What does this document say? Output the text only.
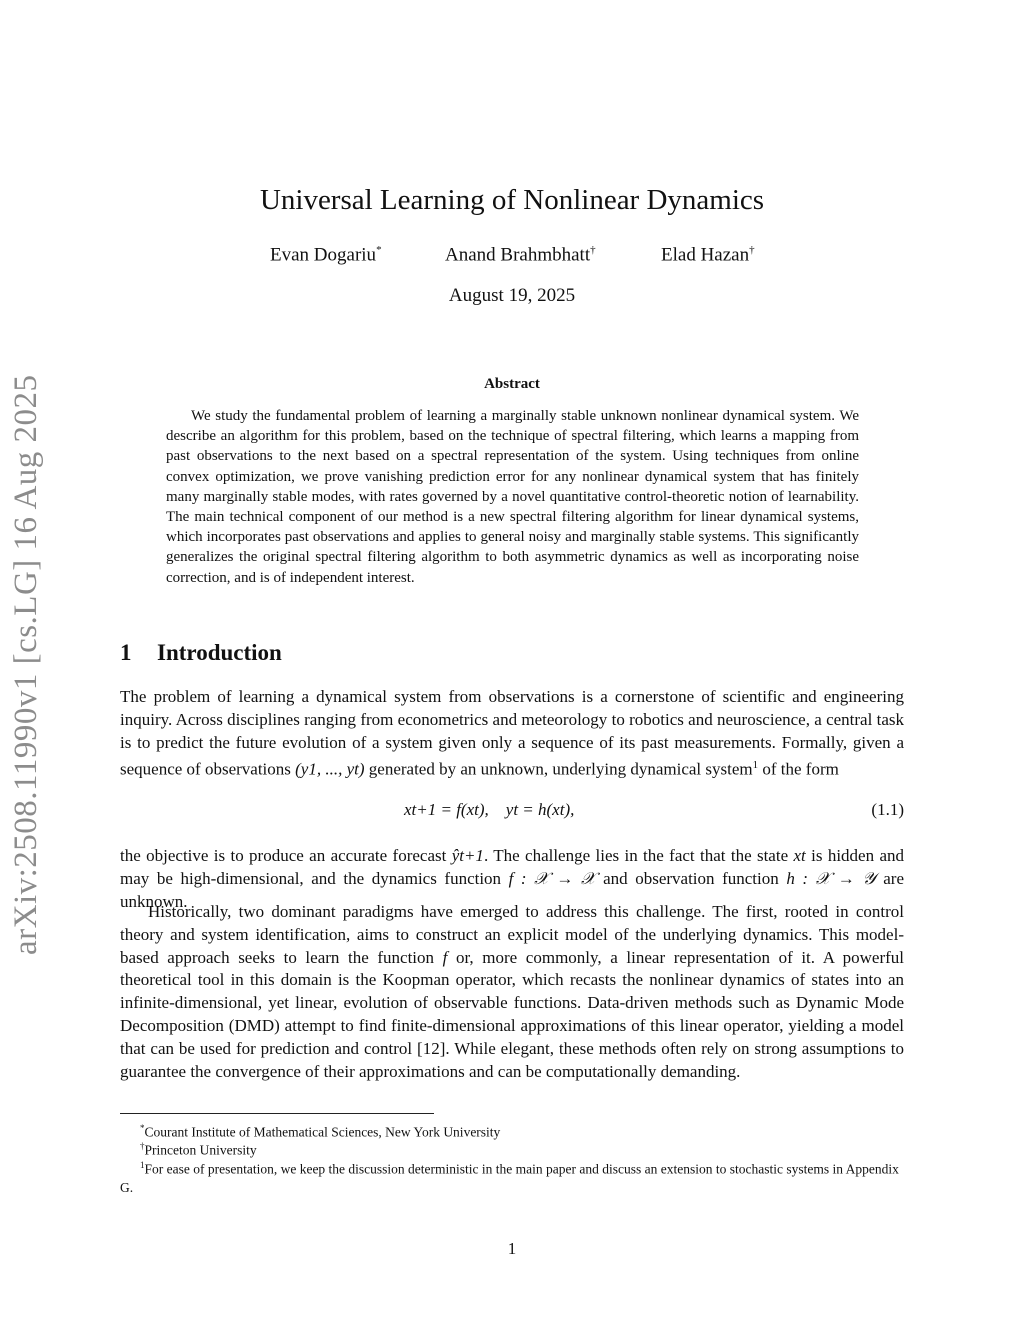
arXiv:2508.11990v1 [cs.LG] 16 Aug 2025
Universal Learning of Nonlinear Dynamics
Evan Dogariu*	Anand Brahmbhatt†	Elad Hazan†
August 19, 2025
Abstract

We study the fundamental problem of learning a marginally stable unknown nonlinear dynamical system. We describe an algorithm for this problem, based on the technique of spectral filtering, which learns a mapping from past observations to the next based on a spectral representation of the system. Using techniques from online convex optimization, we prove vanishing prediction error for any nonlinear dynamical system that has finitely many marginally stable modes, with rates governed by a novel quantitative control-theoretic notion of learnability. The main technical component of our method is a new spectral filtering algorithm for linear dynamical systems, which incorporates past observations and applies to general noisy and marginally stable systems. This significantly generalizes the original spectral filtering algorithm to both asymmetric dynamics as well as incorporating noise correction, and is of independent interest.

1 Introduction

The problem of learning a dynamical system from observations is a cornerstone of scientific and engineering inquiry. Across disciplines ranging from econometrics and meteorology to robotics and neuroscience, a central task is to predict the future evolution of a system given only a sequence of its past measurements. Formally, given a sequence of observations (y1, ..., yt) generated by an unknown, underlying dynamical system$^1$ of the form

xt+1 = f(xt), yt = h(xt),	(1.1)

the objective is to produce an accurate forecast ŷt+1. The challenge lies in the fact that the state xt is hidden and may be high-dimensional, and the dynamics function f : 𝒳 → 𝒳 and observation function h : 𝒳 → 𝒴 are unknown.

Historically, two dominant paradigms have emerged to address this challenge. The first, rooted in control theory and system identification, aims to construct an explicit model of the underlying dynamics. This model-based approach seeks to learn the function f or, more commonly, a linear representation of it. A powerful theoretical tool in this domain is the Koopman operator, which recasts the nonlinear dynamics of states into an infinite-dimensional, yet linear, evolution of observable functions. Data-driven methods such as Dynamic Mode Decomposition (DMD) attempt to find finite-dimensional approximations of this linear operator, yielding a model that can be used for prediction and control [12]. While elegant, these methods often rely on strong assumptions to guarantee the convergence of their approximations and can be computationally demanding.

*Courant Institute of Mathematical Sciences, New York University

†Princeton University

$^1$For ease of presentation, we keep the discussion deterministic in the main paper and discuss an extension to stochastic systems in Appendix G.

1
